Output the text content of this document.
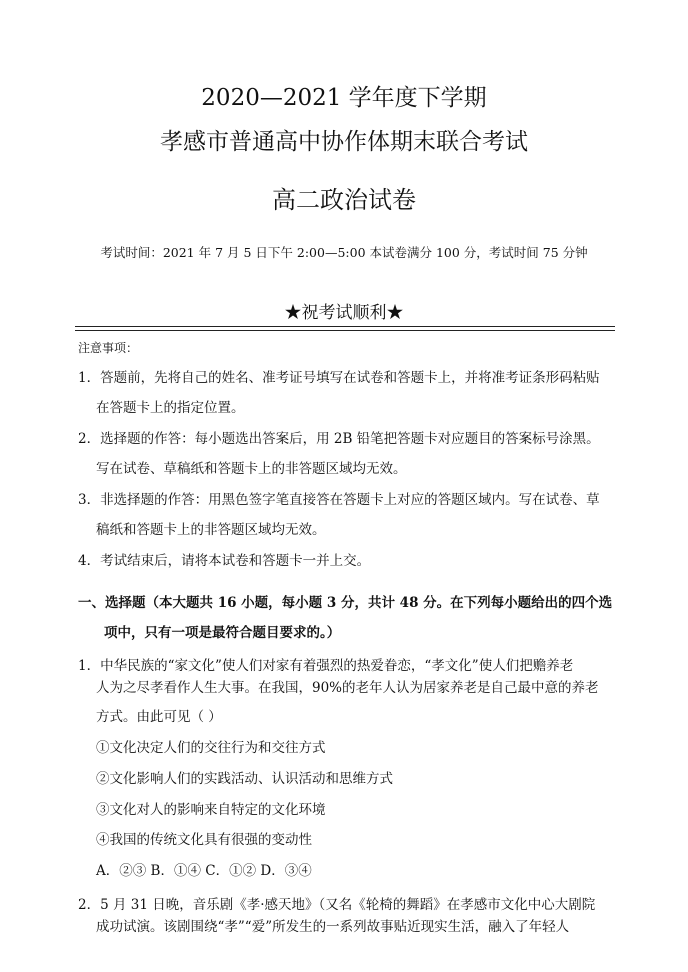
2020—2021 学年度下学期
孝感市普通高中协作体期末联合考试
高二政治试卷
考试时间：2021 年 7 月 5 日下午 2:00—5:00 本试卷满分 100 分，考试时间 75 分钟
★祝考试顺利★
注意事项：
1．答题前，先将自己的姓名、准考证号填写在试卷和答题卡上，并将准考证条形码粘贴
在答题卡上的指定位置。
2．选择题的作答：每小题选出答案后，用 2B 铅笔把答题卡对应题目的答案标号涂黑。
写在试卷、草稿纸和答题卡上的非答题区域均无效。
3．非选择题的作答：用黑色签字笔直接答在答题卡上对应的答题区域内。写在试卷、草
稿纸和答题卡上的非答题区域均无效。
4．考试结束后，请将本试卷和答题卡一并上交。
一、选择题（本大题共 16 小题，每小题 3 分，共计 48 分。在下列每小题给出的四个选
项中，只有一项是最符合题目要求的。）
1．中华民族的“家文化”使人们对家有着强烈的热爱眷恋，“孝文化”使人们把赡养老
人为之尽孝看作人生大事。在我国，90%的老年人认为居家养老是自己最中意的养老
方式。由此可见（ ）
①文化决定人们的交往行为和交往方式
②文化影响人们的实践活动、认识活动和思维方式
③文化对人的影响来自特定的文化环境
④我国的传统文化具有很强的变动性
A．②③ B．①④ C．①② D．③④
2．5 月 31 日晚，音乐剧《孝·感天地》（又名《轮椅的舞蹈》在孝感市文化中心大剧院
成功试演。该剧围绕“孝”“爱”所发生的一系列故事贴近现实生活，融入了年轻人
